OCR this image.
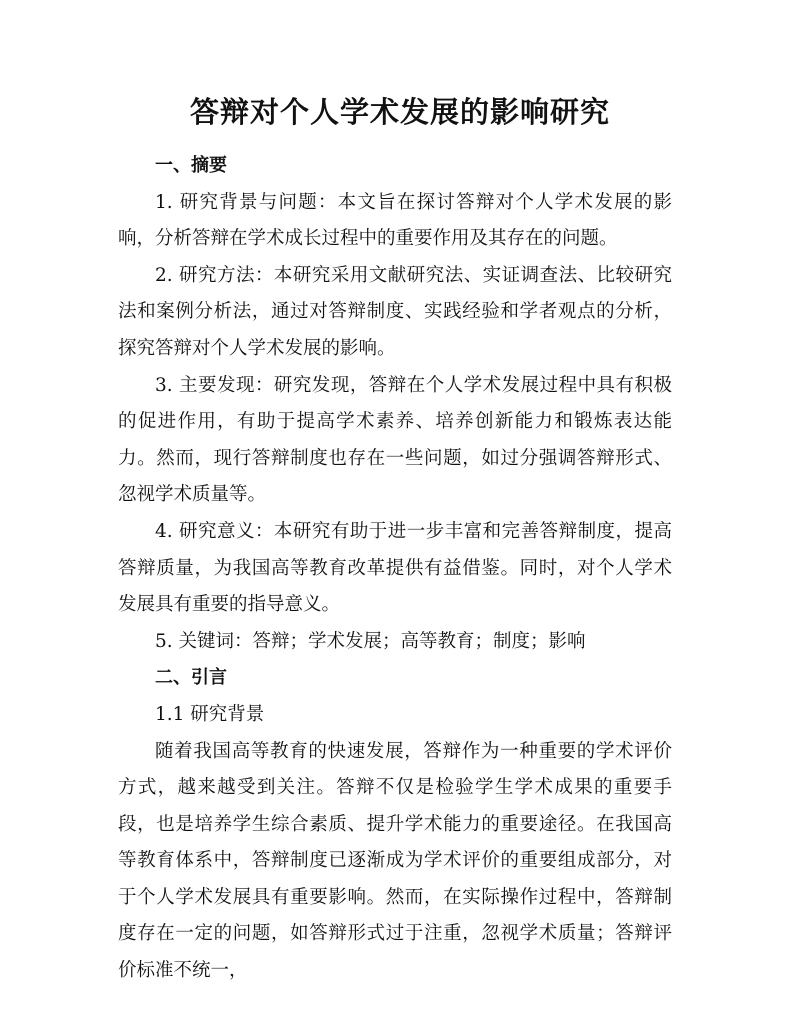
答辩对个人学术发展的影响研究

一、摘要

1. 研究背景与问题：本文旨在探讨答辩对个人学术发展的影响，分析答辩在学术成长过程中的重要作用及其存在的问题。

2. 研究方法：本研究采用文献研究法、实证调查法、比较研究法和案例分析法，通过对答辩制度、实践经验和学者观点的分析，探究答辩对个人学术发展的影响。

3. 主要发现：研究发现，答辩在个人学术发展过程中具有积极的促进作用，有助于提高学术素养、培养创新能力和锻炼表达能力。然而，现行答辩制度也存在一些问题，如过分强调答辩形式、忽视学术质量等。

4. 研究意义：本研究有助于进一步丰富和完善答辩制度，提高答辩质量，为我国高等教育改革提供有益借鉴。同时，对个人学术发展具有重要的指导意义。

5. 关键词：答辩；学术发展；高等教育；制度；影响

二、引言

1.1 研究背景

随着我国高等教育的快速发展，答辩作为一种重要的学术评价方式，越来越受到关注。答辩不仅是检验学生学术成果的重要手段，也是培养学生综合素质、提升学术能力的重要途径。在我国高等教育体系中，答辩制度已逐渐成为学术评价的重要组成部分，对于个人学术发展具有重要影响。然而，在实际操作过程中，答辩制度存在一定的问题，如答辩形式过于注重，忽视学术质量；答辩评价标准不统一，
